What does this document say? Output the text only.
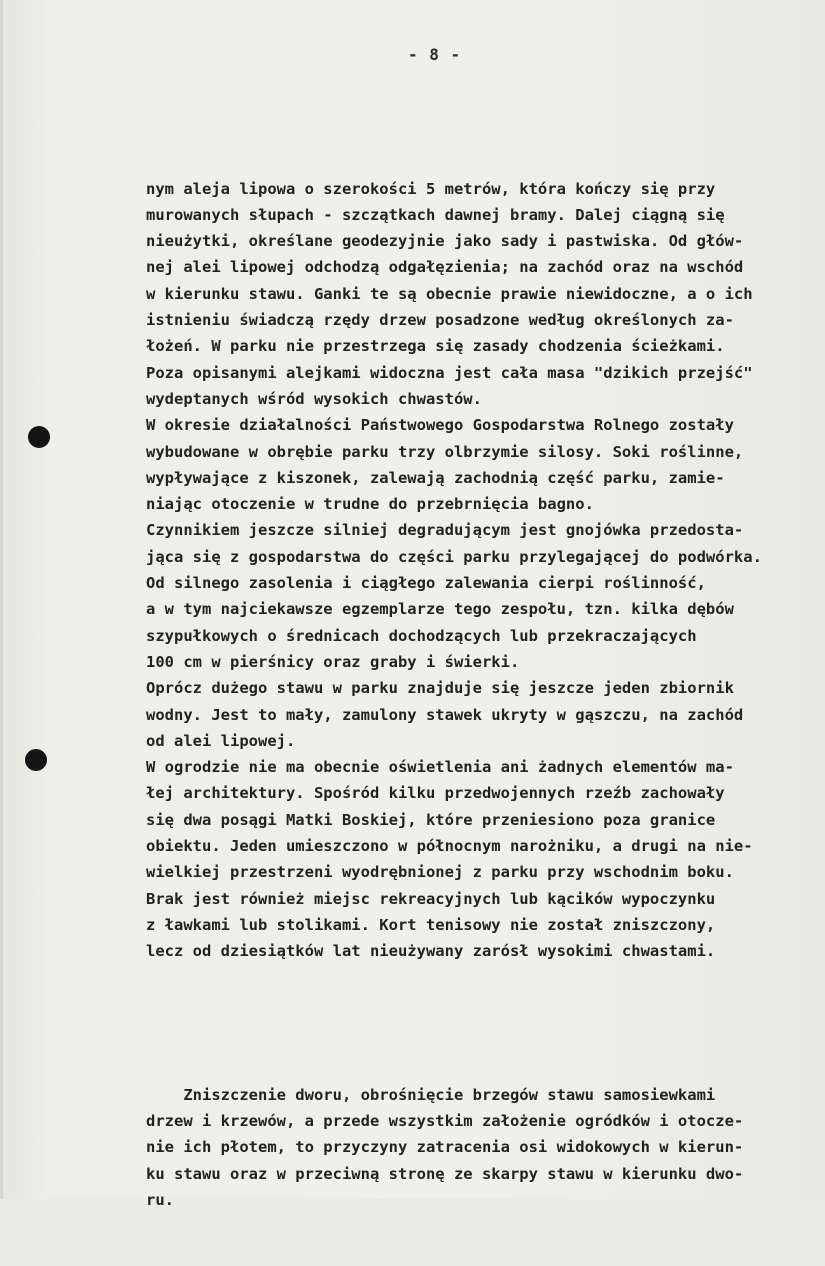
- 8 -

nym aleja lipowa o szerokości 5 metrów, która kończy się przy
murowanych słupach - szczątkach dawnej bramy. Dalej ciągną się
nieużytki, określane geodezyjnie jako sady i pastwiska. Od głów-
nej alei lipowej odchodzą odgałęzienia; na zachód oraz na wschód
w kierunku stawu. Ganki te są obecnie prawie niewidoczne, a o ich
istnieniu świadczą rzędy drzew posadzone według określonych za-
łożeń. W parku nie przestrzega się zasady chodzenia ścieżkami.
Poza opisanymi alejkami widoczna jest cała masa "dzikich przejść"
wydeptanych wśród wysokich chwastów.
W okresie działalności Państwowego Gospodarstwa Rolnego zostały
wybudowane w obrębie parku trzy olbrzymie silosy. Soki roślinne,
wypływające z kiszonek, zalewają zachodnią część parku, zamie-
niając otoczenie w trudne do przebrnięcia bagno.
Czynnikiem jeszcze silniej degradującym jest gnojówka przedosta-
jąca się z gospodarstwa do części parku przylegającej do podwórka.
Od silnego zasolenia i ciągłego zalewania cierpi roślinność,
a w tym najciekawsze egzemplarze tego zespołu, tzn. kilka dębów
szypułkowych o średnicach dochodzących lub przekraczających
100 cm w pierśnicy oraz graby i świerki.
Oprócz dużego stawu w parku znajduje się jeszcze jeden zbiornik
wodny. Jest to mały, zamulony stawek ukryty w gąszczu, na zachód
od alei lipowej.
W ogrodzie nie ma obecnie oświetlenia ani żadnych elementów ma-
łej architektury. Spośród kilku przedwojennych rzeźb zachowały
się dwa posągi Matki Boskiej, które przeniesiono poza granice
obiektu. Jeden umieszczono w północnym narożniku, a drugi na nie-
wielkiej przestrzeni wyodrębnionej z parku przy wschodnim boku.
Brak jest również miejsc rekreacyjnych lub kącików wypoczynku
z ławkami lub stolikami. Kort tenisowy nie został zniszczony,
lecz od dziesiątków lat nieużywany zarósł wysokimi chwastami.

Zniszczenie dworu, obrośnięcie brzegów stawu samosiewkami
drzew i krzewów, a przede wszystkim założenie ogródków i otocze-
nie ich płotem, to przyczyny zatracenia osi widokowych w kierun-
ku stawu oraz w przeciwną stronę ze skarpy stawu w kierunku dwo-
ru.
